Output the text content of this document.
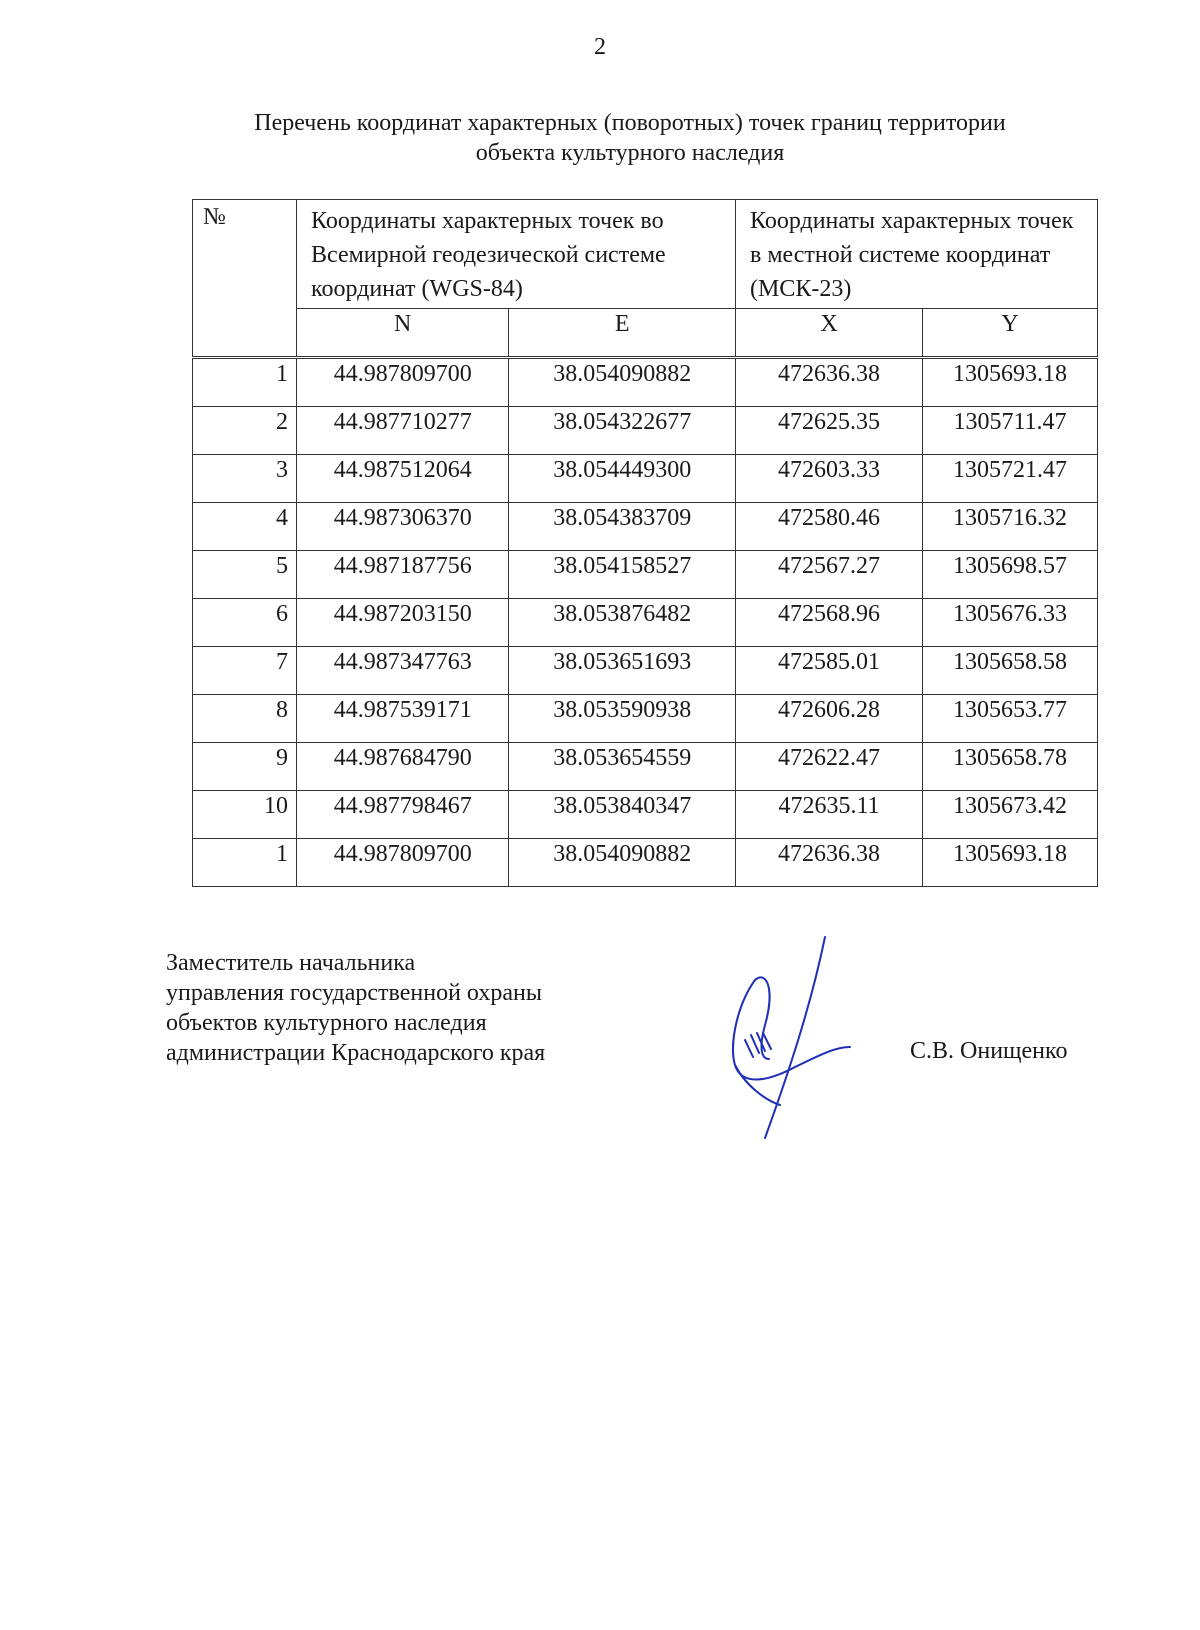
2
Перечень координат характерных (поворотных) точек границ территории
объекта культурного наследия
№	Координаты характерных точек во Всемирной геодезической системе координат (WGS-84)		Координаты характерных точек в местной системе координат (МСК-23)	
	N	E	X	Y
1	44.987809700	38.054090882	472636.38	1305693.18
2	44.987710277	38.054322677	472625.35	1305711.47
3	44.987512064	38.054449300	472603.33	1305721.47
4	44.987306370	38.054383709	472580.46	1305716.32
5	44.987187756	38.054158527	472567.27	1305698.57
6	44.987203150	38.053876482	472568.96	1305676.33
7	44.987347763	38.053651693	472585.01	1305658.58
8	44.987539171	38.053590938	472606.28	1305653.77
9	44.987684790	38.053654559	472622.47	1305658.78
10	44.987798467	38.053840347	472635.11	1305673.42
1	44.987809700	38.054090882	472636.38	1305693.18
Заместитель начальника
управления государственной охраны
объектов культурного наследия
администрации Краснодарского края	С.В. Онищенко
